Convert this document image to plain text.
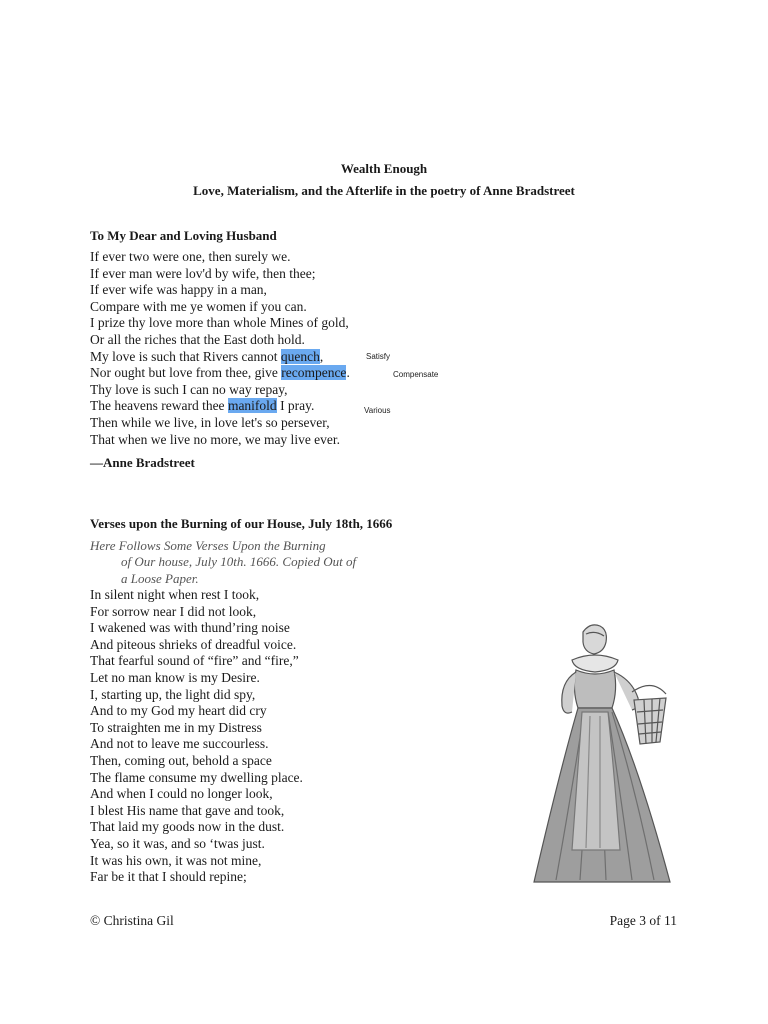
Wealth Enough
Love, Materialism, and the Afterlife in the poetry of Anne Bradstreet
To My Dear and Loving Husband
If ever two were one, then surely we.
If ever man were lov'd by wife, then thee;
If ever wife was happy in a man,
Compare with me ye women if you can.
I prize thy love more than whole Mines of gold,
Or all the riches that the East doth hold.
My love is such that Rivers cannot quench,
Nor ought but love from thee, give recompence.
Thy love is such I can no way repay,
The heavens reward thee manifold I pray.
Then while we live, in love let's so persever,
That when we live no more, we may live ever.
Satisfy
Compensate
Various
—Anne Bradstreet
Verses upon the Burning of our House, July 18th, 1666
Here Follows Some Verses Upon the Burning
of Our house, July 10th. 1666. Copied Out of
a Loose Paper.
In silent night when rest I took,
For sorrow near I did not look,
I wakened was with thund’ring noise
And piteous shrieks of dreadful voice.
That fearful sound of “fire” and “fire,”
Let no man know is my Desire.
I, starting up, the light did spy,
And to my God my heart did cry
To straighten me in my Distress
And not to leave me succourless.
Then, coming out, behold a space
The flame consume my dwelling place.
And when I could no longer look,
I blest His name that gave and took,
That laid my goods now in the dust.
Yea, so it was, and so ‘twas just.
It was his own, it was not mine,
Far be it that I should repine;
© Christina Gil	Page 3 of 11
